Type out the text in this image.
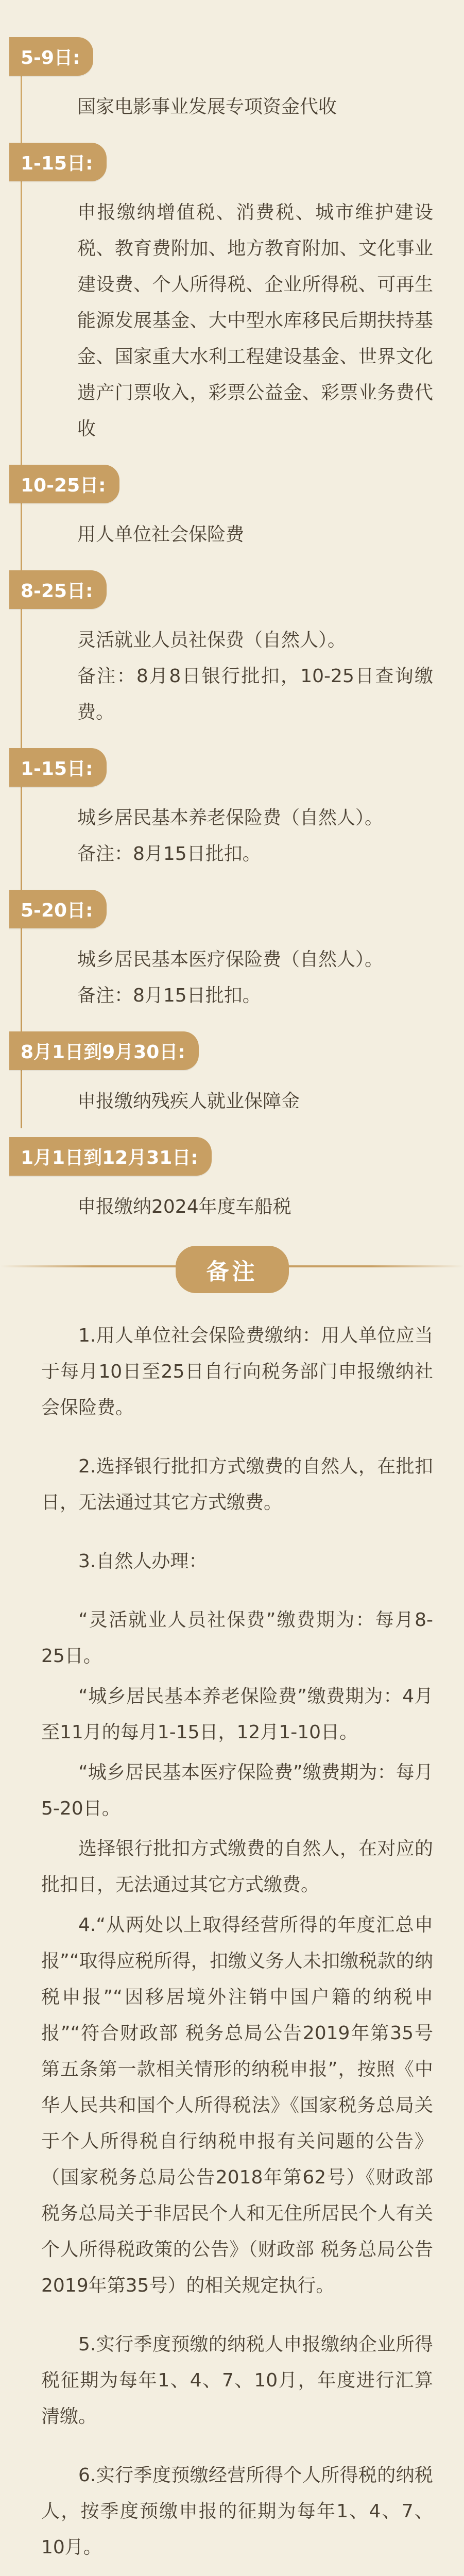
5-9日:
国家电影事业发展专项资金代收
1-15日:
申报缴纳增值税、消费税、城市维护建设税、教育费附加、地方教育附加、文化事业建设费、个人所得税、企业所得税、可再生能源发展基金、大中型水库移民后期扶持基金、国家重大水利工程建设基金、世界文化遗产门票收入，彩票公益金、彩票业务费代收
10-25日:
用人单位社会保险费
8-25日:
灵活就业人员社保费（自然人）。
备注：8月8日银行批扣，10-25日查询缴费。
1-15日:
城乡居民基本养老保险费（自然人）。
备注：8月15日批扣。
5-20日:
城乡居民基本医疗保险费（自然人）。
备注：8月15日批扣。
8月1日到9月30日:
申报缴纳残疾人就业保障金
1月1日到12月31日:
申报缴纳2024年度车船税
备注
1.用人单位社会保险费缴纳：用人单位应当于每月10日至25日自行向税务部门申报缴纳社会保险费。
2.选择银行批扣方式缴费的自然人，在批扣日，无法通过其它方式缴费。
3.自然人办理：
“灵活就业人员社保费”缴费期为：每月8-25日。
“城乡居民基本养老保险费”缴费期为：4月至11月的每月1-15日，12月1-10日。
“城乡居民基本医疗保险费”缴费期为：每月5-20日。
选择银行批扣方式缴费的自然人，在对应的批扣日，无法通过其它方式缴费。
4.“从两处以上取得经营所得的年度汇总申报”“取得应税所得，扣缴义务人未扣缴税款的纳税申报”“因移居境外注销中国户籍的纳税申报”“符合财政部 税务总局公告2019年第35号第五条第一款相关情形的纳税申报”，按照《中华人民共和国个人所得税法》《国家税务总局关于个人所得税自行纳税申报有关问题的公告》（国家税务总局公告2018年第62号）《财政部 税务总局关于非居民个人和无住所居民个人有关个人所得税政策的公告》（财政部 税务总局公告2019年第35号）的相关规定执行。
5.实行季度预缴的纳税人申报缴纳企业所得税征期为每年1、4、7、10月，年度进行汇算清缴。
6.实行季度预缴经营所得个人所得税的纳税人，按季度预缴申报的征期为每年1、4、7、10月。
